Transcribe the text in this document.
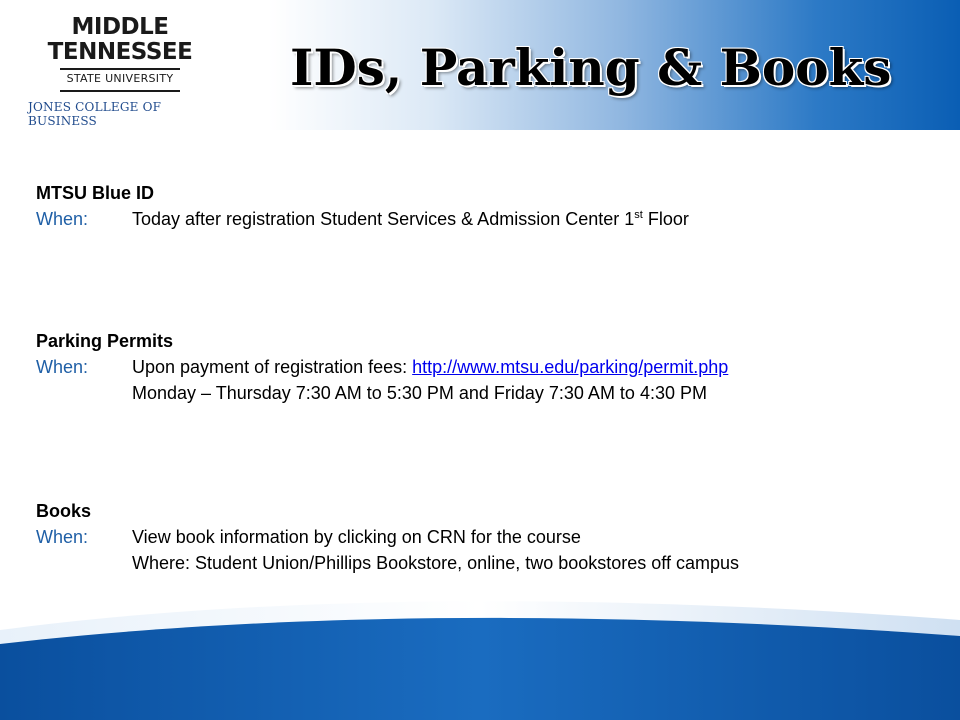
MIDDLE
TENNESSEE
STATE UNIVERSITY
JONES COLLEGE OF BUSINESS
IDs, Parking & Books
MTSU Blue ID
When: Today after registration Student Services & Admission Center 1st Floor
Parking Permits
When: Upon payment of registration fees: http://www.mtsu.edu/parking/permit.php
Monday – Thursday 7:30 AM to 5:30 PM and Friday 7:30 AM to 4:30 PM
Books
When: View book information by clicking on CRN for the course
Where: Student Union/Phillips Bookstore, online, two bookstores off campus
